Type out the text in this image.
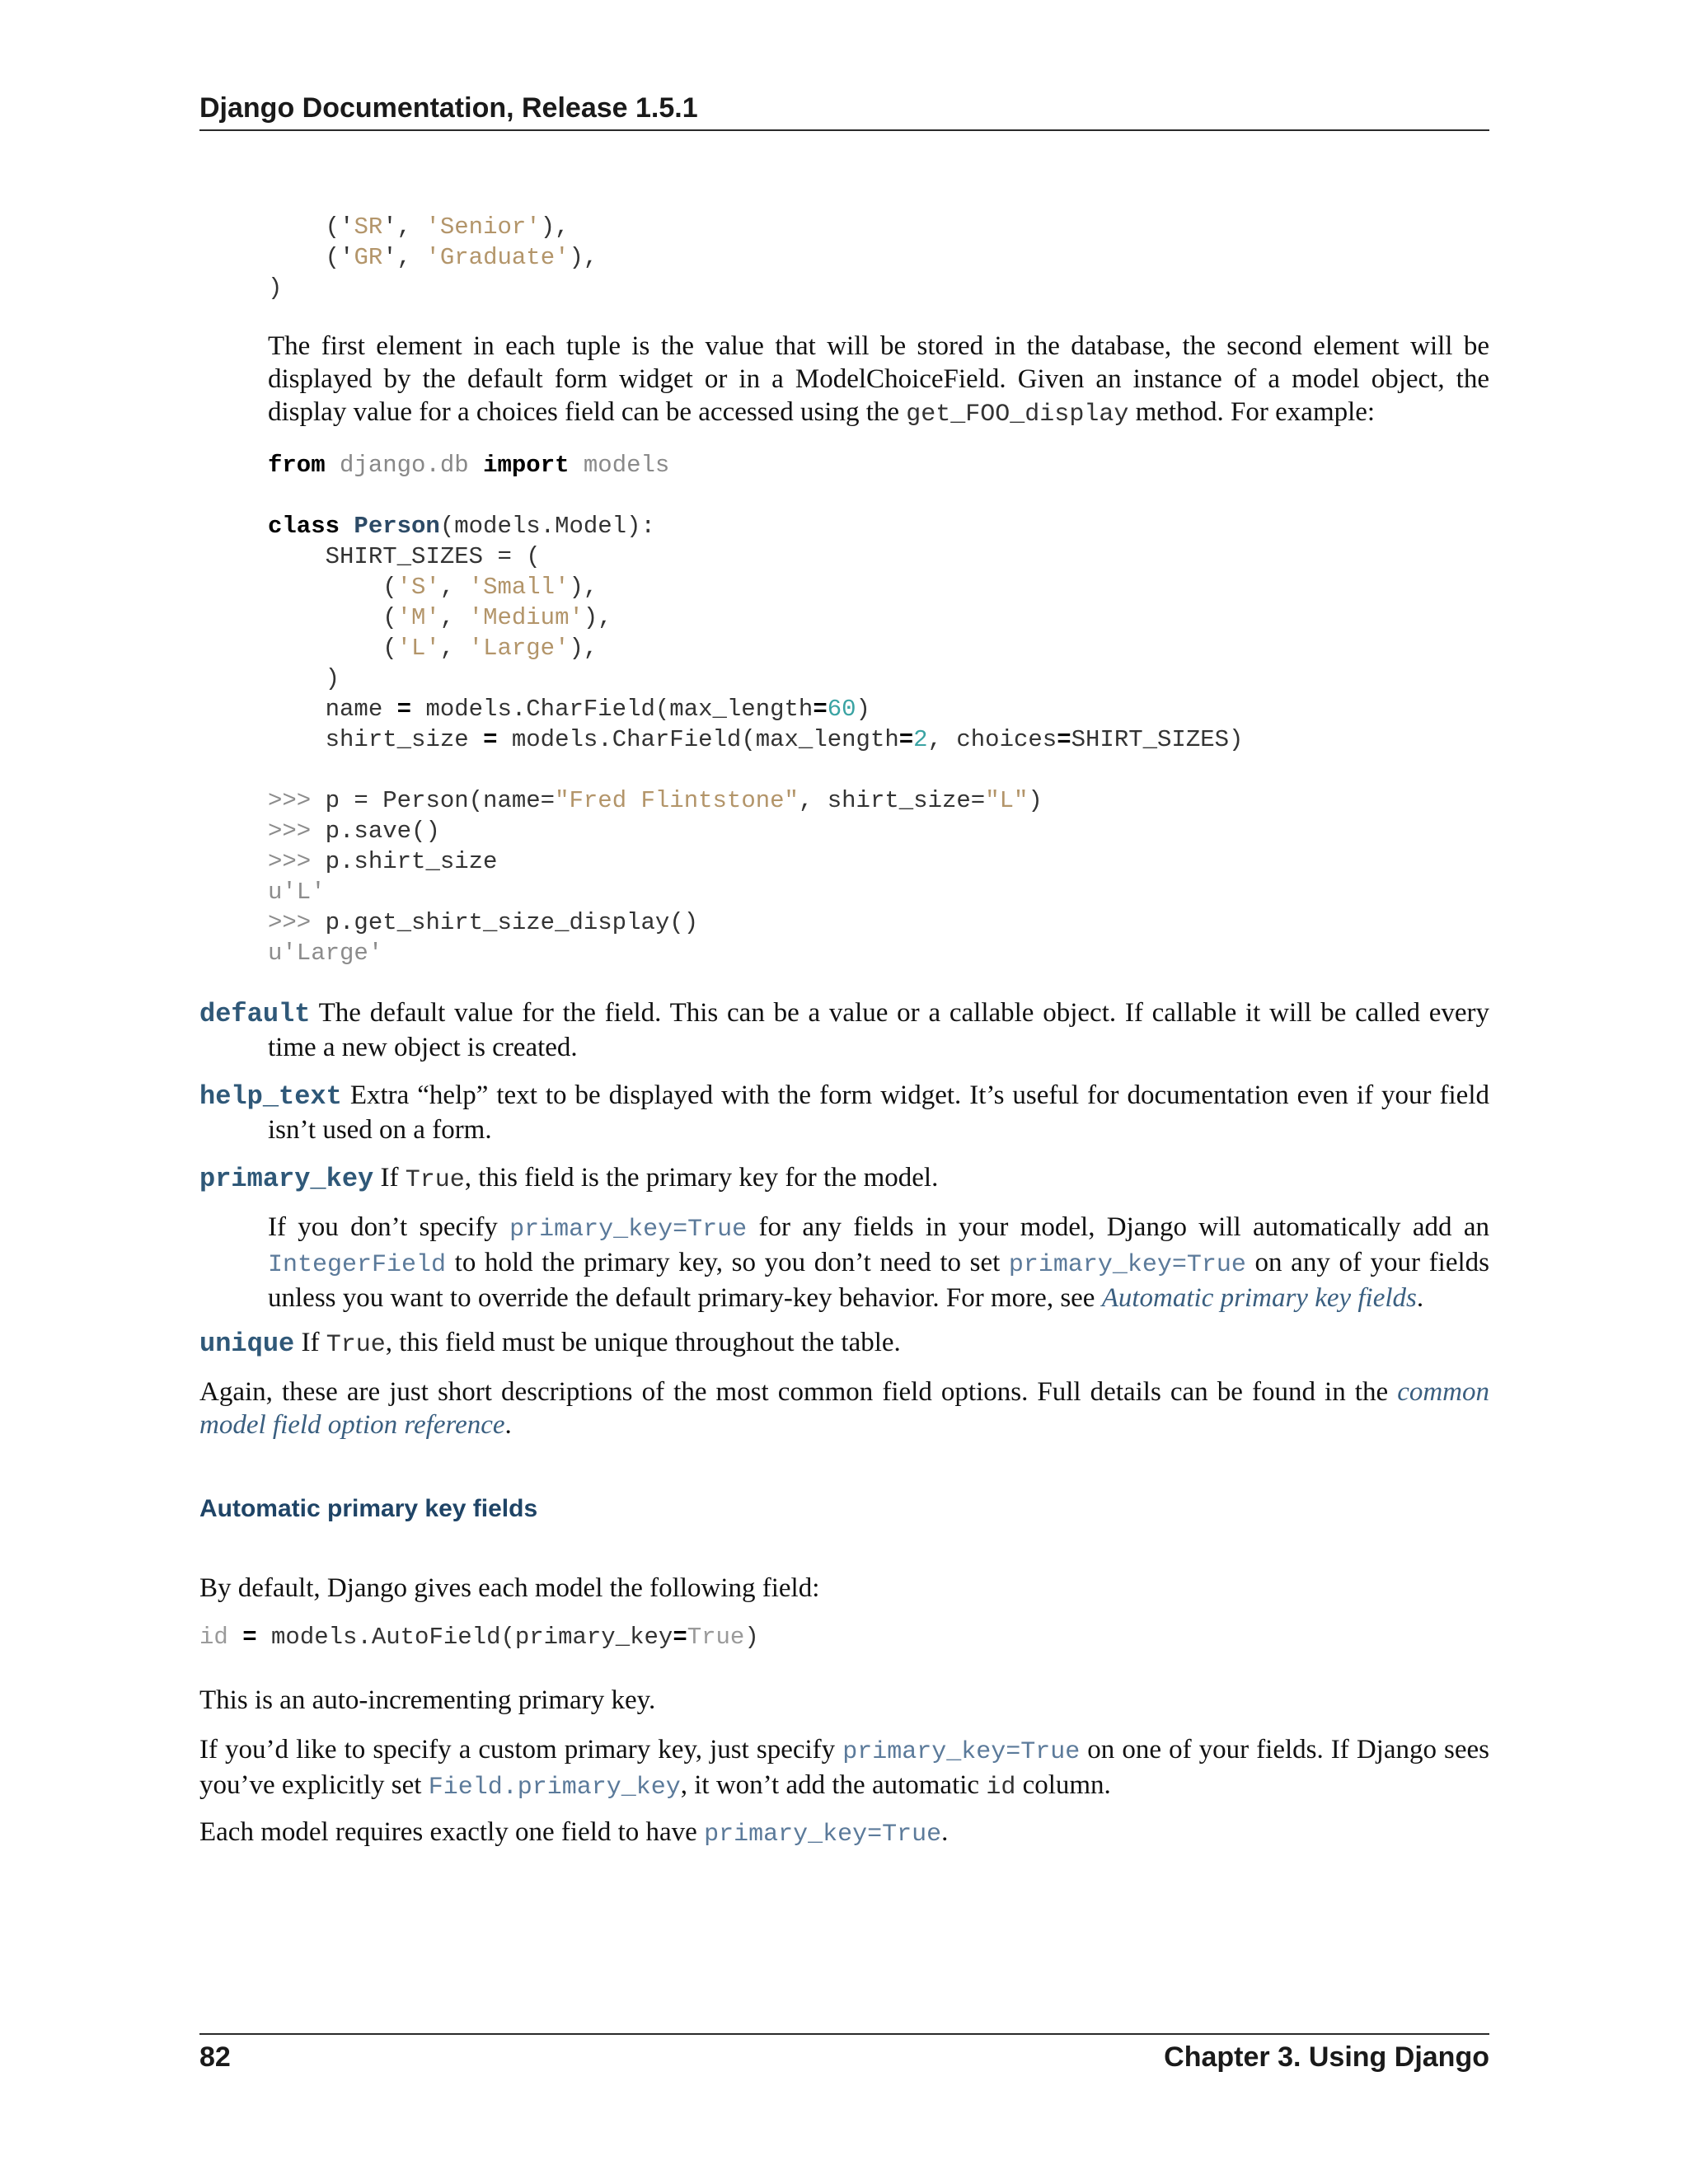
Django Documentation, Release 1.5.1
('SR', 'Senior'),
('GR', 'Graduate'),
)

The first element in each tuple is the value that will be stored in the database, the second element will be displayed by the default form widget or in a ModelChoiceField. Given an instance of a model object, the display value for a choices field can be accessed using the get_FOO_display method. For example:

from django.db import models

class Person(models.Model):
SHIRT_SIZES = (
('S', 'Small'),
('M', 'Medium'),
('L', 'Large'),
)
name = models.CharField(max_length=60)
shirt_size = models.CharField(max_length=2, choices=SHIRT_SIZES)
>>> p = Person(name="Fred Flintstone", shirt_size="L")
>>> p.save()
>>> p.shirt_size
u'L'
>>> p.get_shirt_size_display()
u'Large'

default The default value for the field. This can be a value or a callable object. If callable it will be called every time a new object is created.

help_text Extra “help” text to be displayed with the form widget. It’s useful for documentation even if your field isn’t used on a form.

primary_key If True, this field is the primary key for the model.

If you don’t specify primary_key=True for any fields in your model, Django will automatically add an IntegerField to hold the primary key, so you don’t need to set primary_key=True on any of your fields unless you want to override the default primary-key behavior. For more, see Automatic primary key fields.

unique If True, this field must be unique throughout the table.

Again, these are just short descriptions of the most common field options. Full details can be found in the common model field option reference.

Automatic primary key fields

By default, Django gives each model the following field:

id = models.AutoField(primary_key=True)

This is an auto-incrementing primary key.

If you’d like to specify a custom primary key, just specify primary_key=True on one of your fields. If Django sees you’ve explicitly set Field.primary_key, it won’t add the automatic id column.

Each model requires exactly one field to have primary_key=True.

82	Chapter 3. Using Django
